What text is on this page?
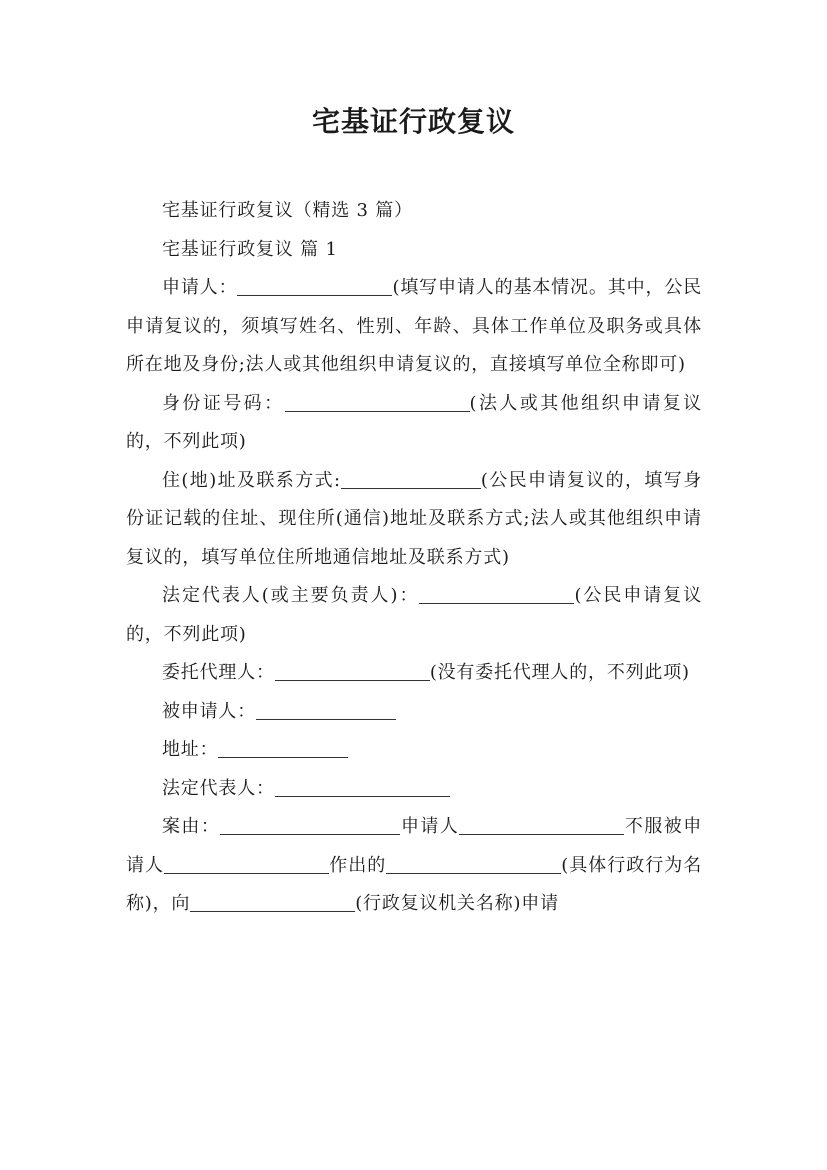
宅基证行政复议

宅基证行政复议（精选 3 篇）

宅基证行政复议 篇 1

申请人：	(填写申请人的基本情况。其中，公民申请复议的，须填写姓名、性别、年龄、具体工作单位及职务或具体所在地及身份;法人或其他组织申请复议的，直接填写单位全称即可)

身份证号码：	(法人或其他组织申请复议的，不列此项)

住(地)址及联系方式:	(公民申请复议的，填写身份证记载的住址、现住所(通信)地址及联系方式;法人或其他组织申请复议的，填写单位住所地通信地址及联系方式)

法定代表人(或主要负责人)：	(公民申请复议的，不列此项)

委托代理人：	(没有委托代理人的，不列此项)

被申请人：

地址：

法定代表人：

案由：	申请人	不服被申请人	作出的	(具体行政行为名称)，向	(行政复议机关名称)申请
